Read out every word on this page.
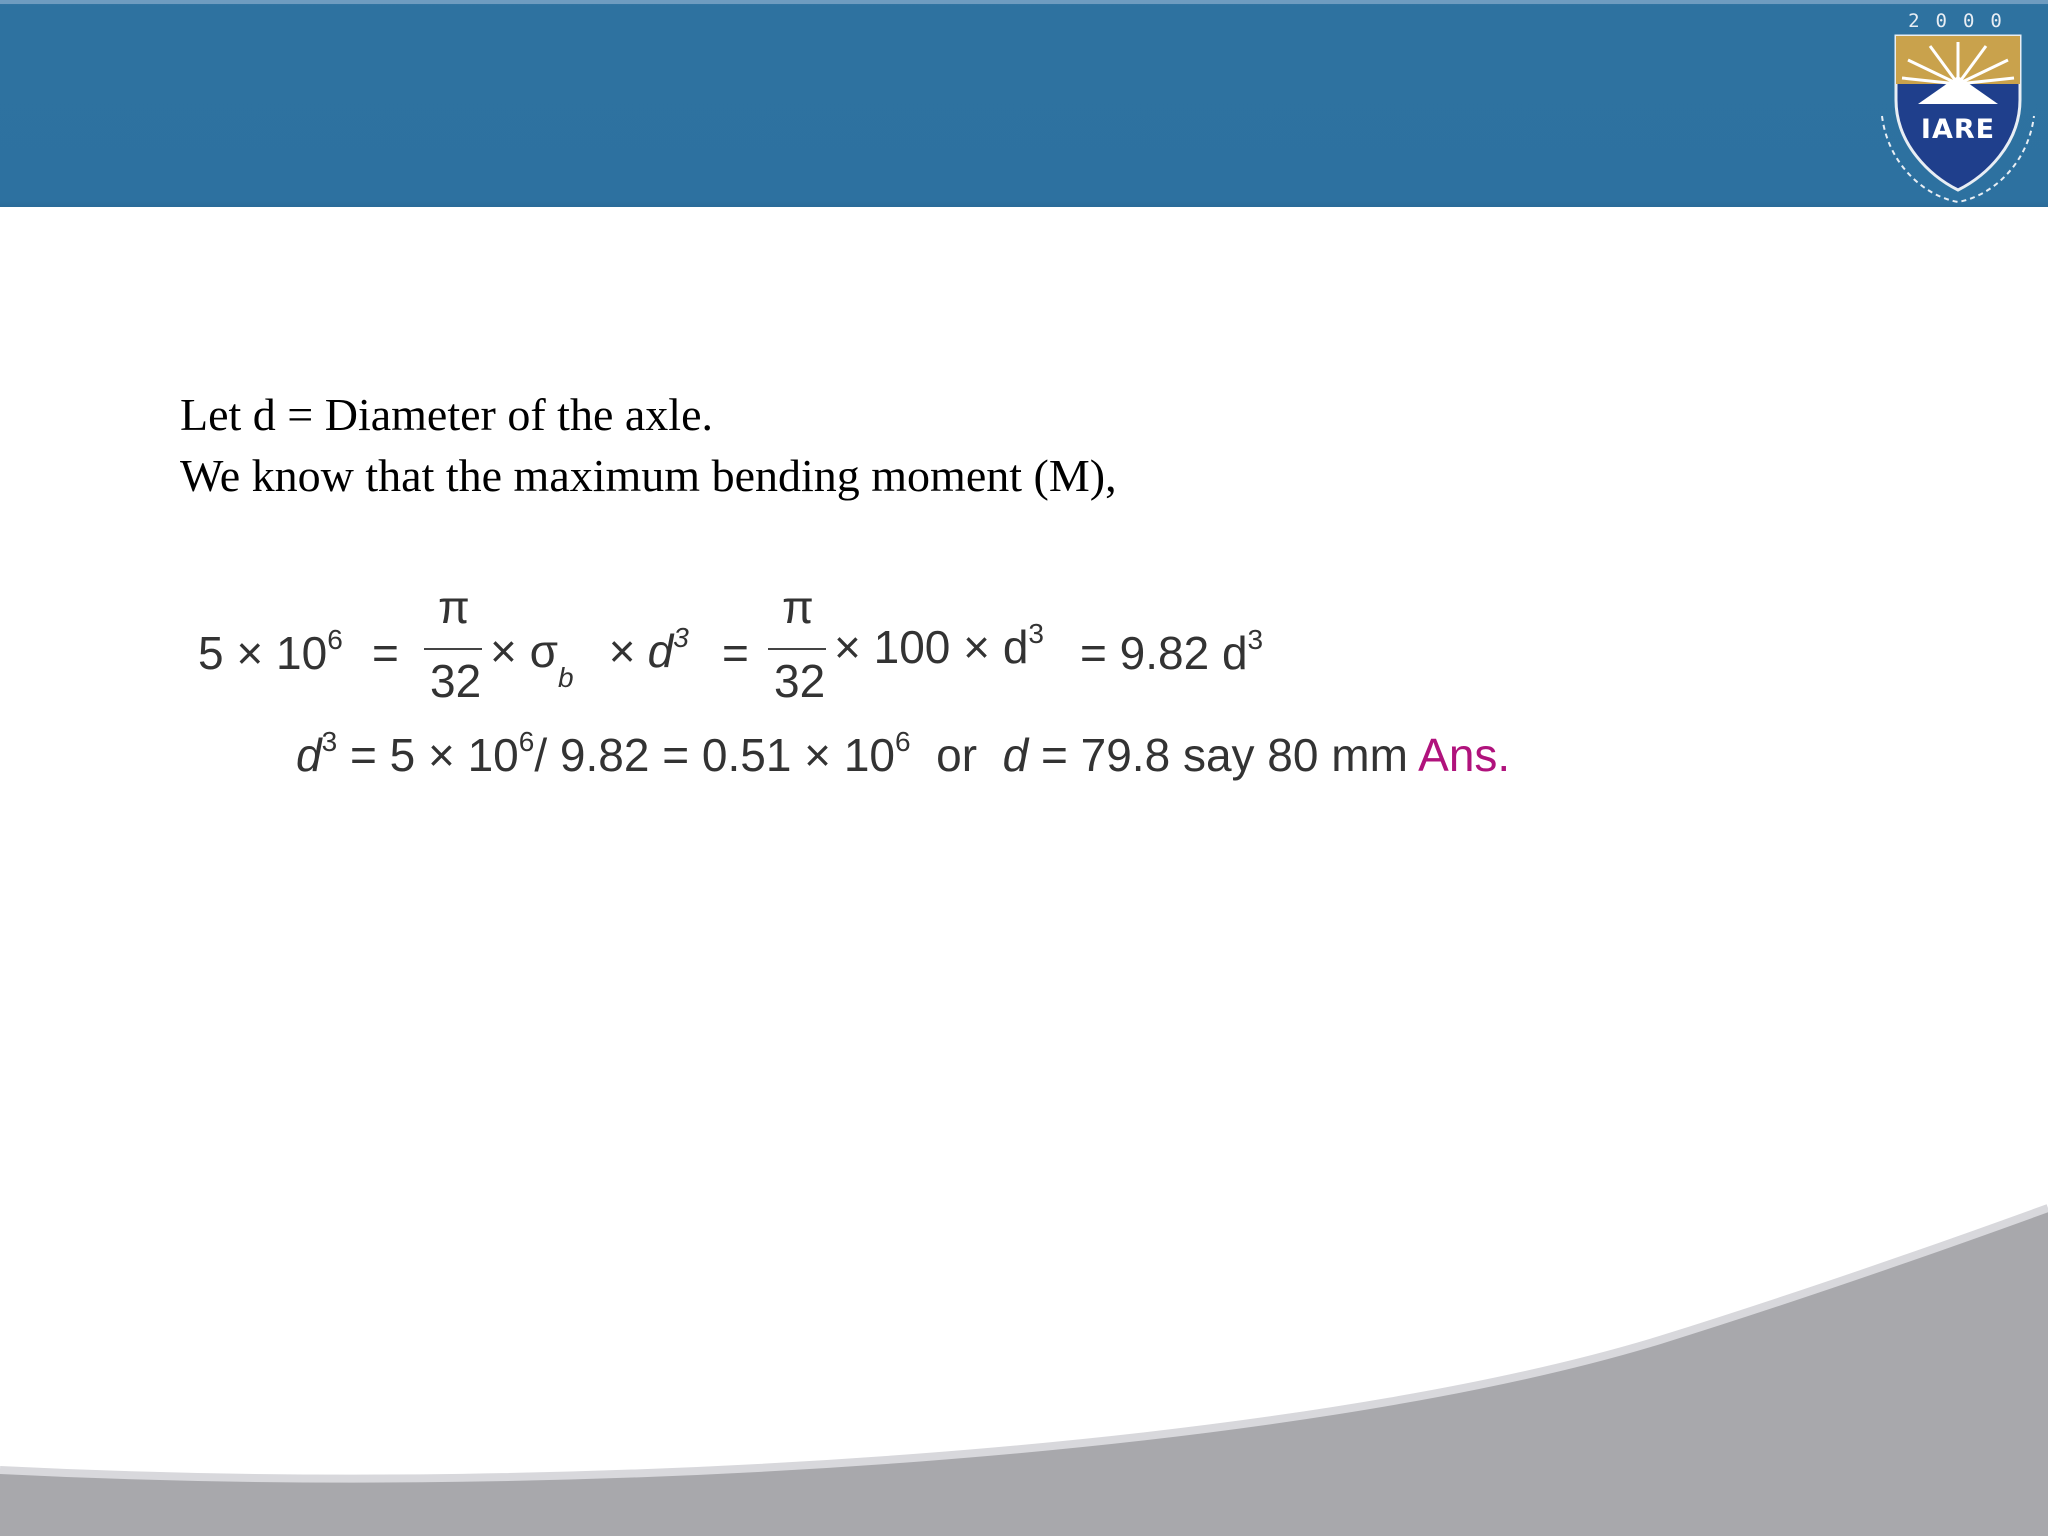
2000
IARE

Let d = Diameter of the axle.

We know that the maximum bending moment (M),

$5 \times 10^6$ =
π
32
× $\sigma_b$
× $d^3$ =
π
32
× $100 \times d^3 = 9.82$ $d^3$
$d^3 = 5 \times 10^6/$ $9.82 = 0.51 \times 10^6$ or d = 79.8 say 80 mm Ans.
